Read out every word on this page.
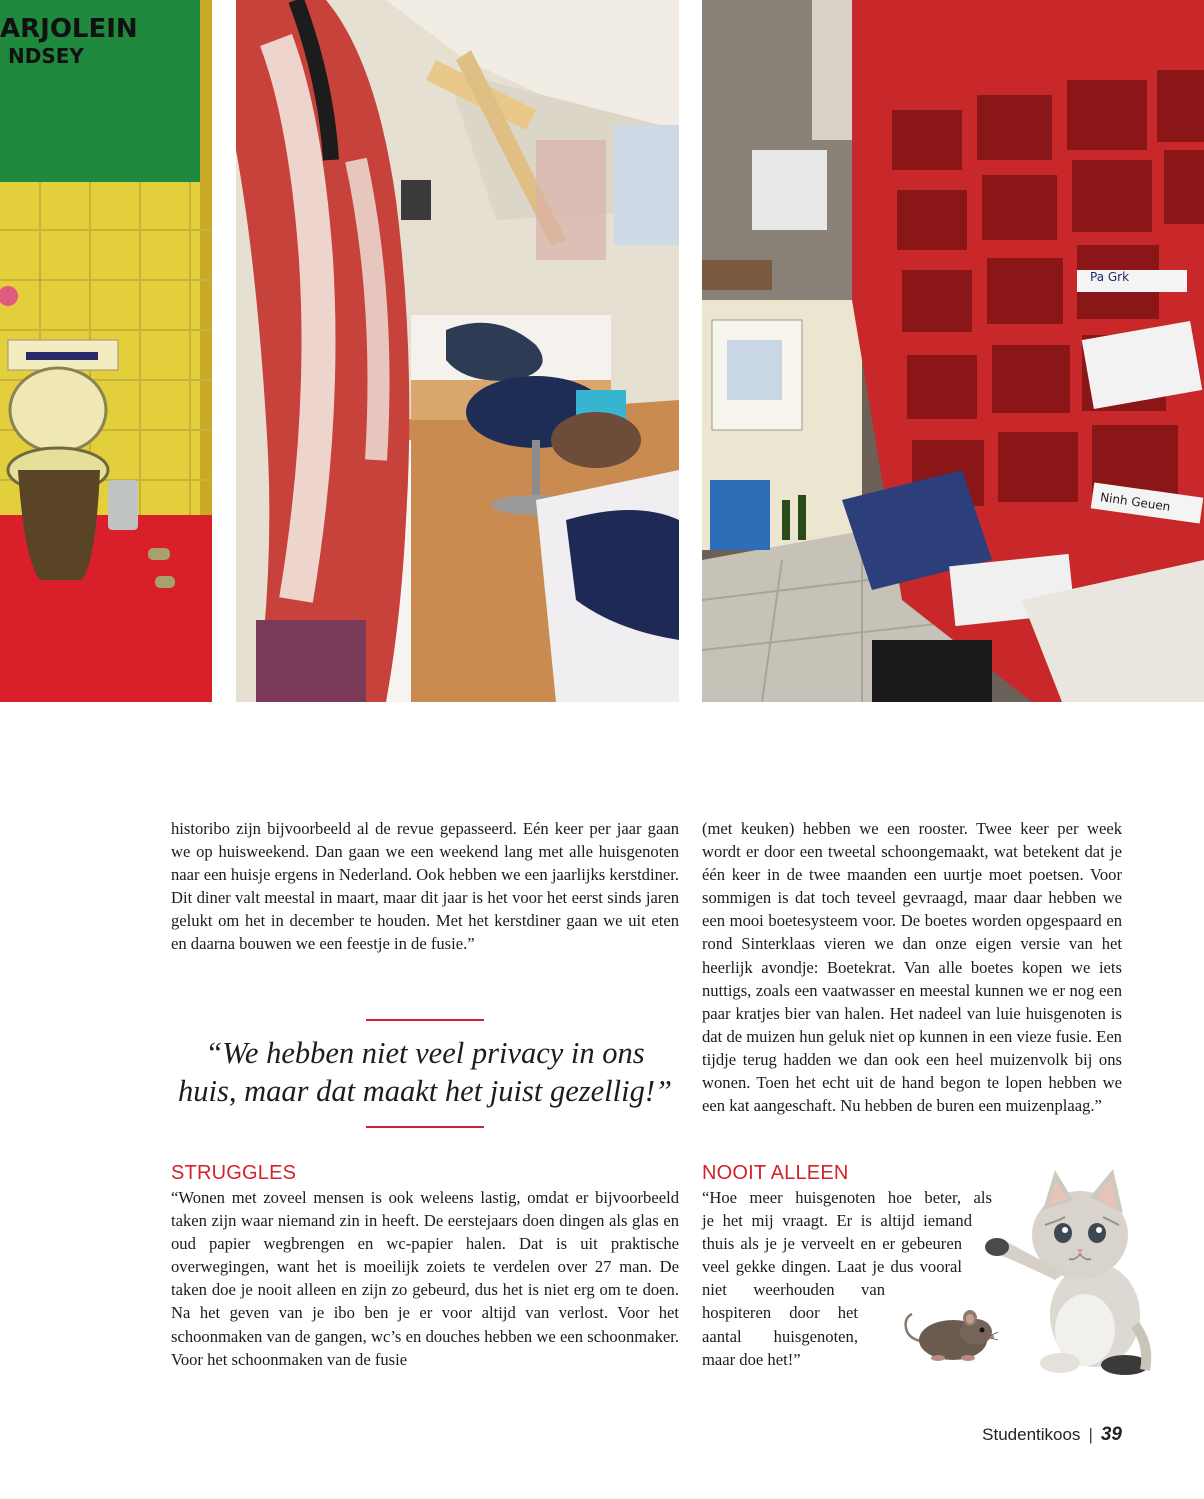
ARJOLEIN
NDSEY
Pa Grk
Ninh Geuen

historibo zijn bijvoorbeeld al de revue gepasseerd. Eén keer per jaar gaan we op huisweekend. Dan gaan we een weekend lang met alle huisgenoten naar een huisje ergens in Nederland. Ook hebben we een jaarlijks kerstdiner. Dit diner valt meestal in maart, maar dit jaar is het voor het eerst sinds jaren gelukt om het in december te houden. Met het kerstdiner gaan we uit eten en daarna bouwen we een feestje in de fusie.”

“We hebben niet veel privacy in ons
huis, maar dat maakt het juist gezellig!”
STRUGGLES
“Wonen met zoveel mensen is ook weleens lastig, omdat er bijvoorbeeld taken zijn waar niemand zin in heeft. De eerstejaars doen dingen als glas en oud papier wegbrengen en wc-papier halen. Dat is uit praktische overwegingen, want het is moeilijk zoiets te verdelen over 27 man. De taken doe je nooit alleen en zijn zo gebeurd, dus het is niet erg om te doen. Na het geven van je ibo ben je er voor altijd van verlost. Voor het schoonmaken van de gangen, wc’s en douches hebben we een schoonmaker. Voor het schoonmaken van de fusie

(met keuken) hebben we een rooster. Twee keer per week wordt er door een tweetal schoongemaakt, wat betekent dat je één keer in de twee maanden een uurtje moet poetsen. Voor sommigen is dat toch teveel gevraagd, maar daar hebben we een mooi boetesysteem voor. De boetes worden opgespaard en rond Sinterklaas vieren we dan onze eigen versie van het heerlijk avondje: Boetekrat. Van alle boetes kopen we iets nuttigs, zoals een vaatwasser en meestal kunnen we er nog een paar kratjes bier van halen. Het nadeel van luie huisgenoten is dat de muizen hun geluk niet op kunnen in een vieze fusie. Een tijdje terug hadden we dan ook een heel muizenvolk bij ons wonen. Toen het echt uit de hand begon te lopen hebben we een kat aangeschaft. Nu hebben de buren een muizenplaag.”

NOOIT ALLEEN
“Hoe meer huisgenoten hoe beter, als
je het mij vraagt. Er is altijd iemand
thuis als je je verveelt en er gebeuren
veel gekke dingen. Laat je dus vooral
niet weerhouden van
hospiteren door het
aantal huisgenoten,
maar doe het!”
Studentikoos | 39
